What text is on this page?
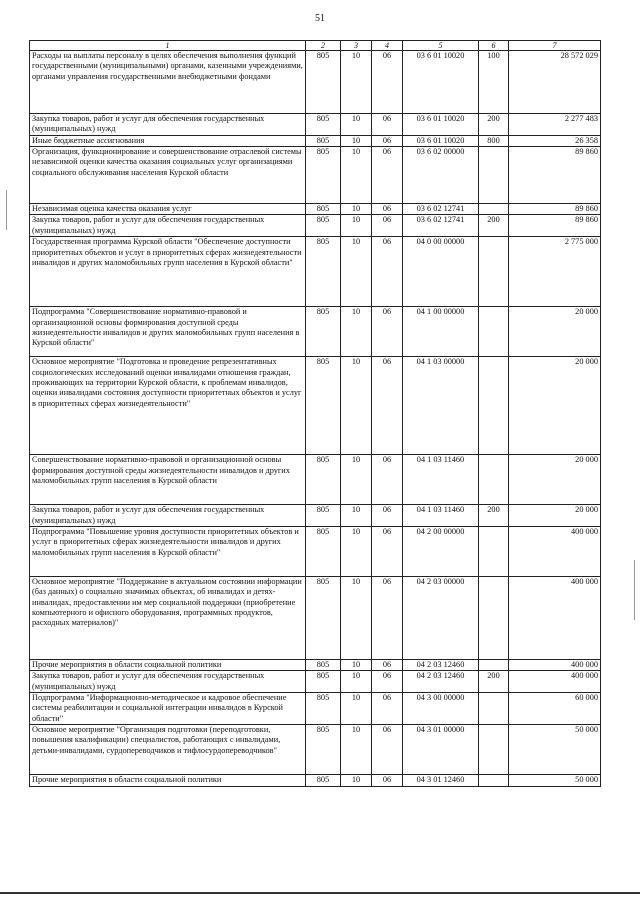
51
1	2	3	4	5	6	7
Расходы на выплаты персоналу в целях обеспечения выполнения функций государственными (муниципальными) органами, казенными учреждениями, органами управления государственными внебюджетными фондами	805	10	06	03 6 01 10020	100	28 572 029
Закупка товаров, работ и услуг для обеспечения государственных (муниципальных) нужд	805	10	06	03 6 01 10020	200	2 277 483
Иные бюджетные ассигнования	805	10	06	03 6 01 10020	800	26 358
Организация, функционирование и совершенствование отраслевой системы независимой оценки качества оказания социальных услуг организациями социального обслуживания населения Курской области	805	10	06	03 6 02 00000		89 860
Независимая оценка качества оказания услуг	805	10	06	03 6 02 12741		89 860
Закупка товаров, работ и услуг для обеспечения государственных (муниципальных) нужд	805	10	06	03 6 02 12741	200	89 860
Государственная программа Курской области "Обеспечение доступности приоритетных объектов и услуг в приоритетных сферах жизнедеятельности инвалидов и других маломобильных групп населения в Курской области"	805	10	06	04 0 00 00000		2 775 000
Подпрограмма "Совершенствование нормативно-правовой и организационной основы формирования доступной среды жизнедеятельности инвалидов и других маломобильных групп населения в Курской области"	805	10	06	04 1 00 00000		20 000
Основное мероприятие "Подготовка и проведение репрезентативных социологических исследований оценки инвалидами отношения граждан, проживающих на территории Курской области, к проблемам инвалидов, оценки инвалидами состояния доступности приоритетных объектов и услуг в приоритетных сферах жизнедеятельности"	805	10	06	04 1 03 00000		20 000
Совершенствование нормативно-правовой и организационной основы формирования доступной среды жизнедеятельности инвалидов и других маломобильных групп населения в Курской области	805	10	06	04 1 03 11460		20 000
Закупка товаров, работ и услуг для обеспечения государственных (муниципальных) нужд	805	10	06	04 1 03 11460	200	20 000
Подпрограмма "Повышение уровня доступности приоритетных объектов и услуг в приоритетных сферах жизнедеятельности инвалидов и других маломобильных групп населения в Курской области"	805	10	06	04 2 00 00000		400 000
Основное мероприятие "Поддержание в актуальном состоянии информации (баз данных) о социально значимых объектах, об инвалидах и детях-инвалидах, предоставлении им мер социальной поддержки (приобретение компьютерного и офисного оборудования, программных продуктов, расходных материалов)"	805	10	06	04 2 03 00000		400 000
Прочие мероприятия в области социальной политики	805	10	06	04 2 03 12460		400 000
Закупка товаров, работ и услуг для обеспечения государственных (муниципальных) нужд	805	10	06	04 2 03 12460	200	400 000
Подпрограмма "Информационно-методическое и кадровое обеспечение системы реабилитации и социальной интеграции инвалидов в Курской области"	805	10	06	04 3 00 00000		60 000
Основное мероприятие "Организация подготовки (переподготовки, повышения квалификации) специалистов, работающих с инвалидами, детьми-инвалидами, сурдопереводчиков и тифлосурдопереводчиков"	805	10	06	04 3 01 00000		50 000
Прочие мероприятия в области социальной политики	805	10	06	04 3 01 12460		50 000
